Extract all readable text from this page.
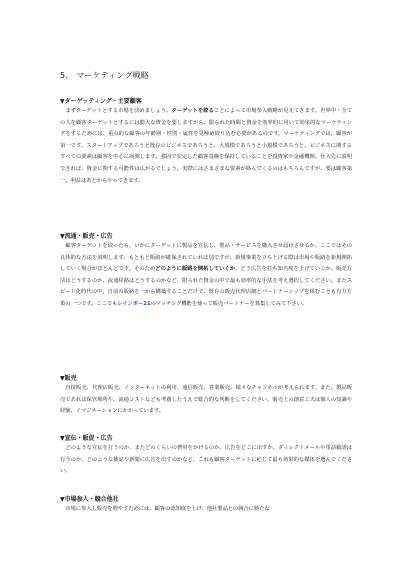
5.　マーケティング戦略
▼ターゲッティング・主要顧客
まずターゲットとする市場を決めましょう。ターゲットを絞ることによって市場参入戦略が見えてきます。世界中・全ての人を顧客ターゲットとするには膨大な資金を要しますから、限られた時間と資金を効率的に用いて効果的なマーケティングをするためには、重点的な顧客の年齢層・性別・属性を見極め絞り込む必要があるのです。マーケティングでは、顧客が第一です。スタートアップであろうと既存のビジネスであろうと、大規模であろうと小規模であろうと、ビジネスに関するすべての要素は顧客を中心に展開します。強固で安定した顧客基盤を保持していることを投資家や金融機関、仕入先に説明できれば、資金に関する可能性は広がるでしょう。実際にはさまざまな要素が絡んでくるのはもちろんですが、要は顧客第一。利益はあとからやってきます。
▼流通・販売・広告
顧客ターゲットを絞ったら、いかにターゲットに製品を宣伝し、製品・サービスを購入させ届けさせるか、ここではその具体的な方法を説明します。もともと販路が確保されていれば別ですが、新規事業を立ち上げる際は市場や販路を新規開拓していく場合がほとんどです。そのためどのように販路を開拓していくか、どう広告を打ち知名度を上げていくか、販売方法はどうするのか、流通経路はどうするのかなど、限られた資金の中で最も効率的な手法を考え選択してください。またスピード化時代の中、自前の販路を一から構築することだけで、既存の販売代理店網とパートナーシップを組むことも有力方策の一つです。ここでもレインボー21のマッチング機能を使って販売パートナーを募集してみて下さい。
▼販売
直接販売、代理店販売、インターネットの利用、通信販売、営業販売、様々なチャンネルが考えられます。また、製品販売であれば保管場所や、流通コストなども考慮したうえで総合的な判断をしてください。販売上の創意工夫は個人の知識や経験、イマジネーションにかかっています。
▼宣伝・販促・広告
どのような宣伝を行うのか、またどのくらいの費用をかけるのか、広告をどこに出すか、ダイレクトメールや電話勧誘は行うのか、どのような雑誌や新聞に広告を出すのかなど、これも顧客ターゲットに応じて最も効果的な媒体を選んでください。
▼市場参入・競合他社
市場に参入し販売を増やすためには、顧客の認知度を上げ、他社製品との競合に勝たな
